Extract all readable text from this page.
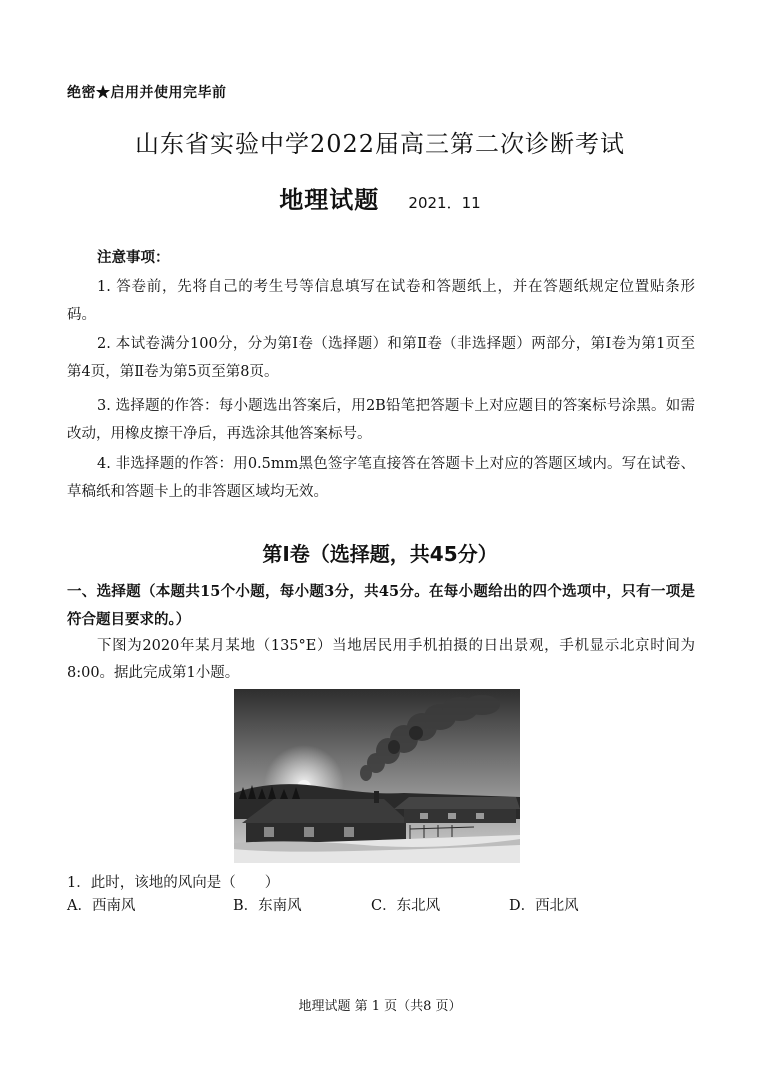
绝密★启用并使用完毕前
山东省实验中学2022届高三第二次诊断考试
地理试题 2021．11
注意事项：
1. 答卷前，先将自己的考生号等信息填写在试卷和答题纸上，并在答题纸规定位置贴条形码。
2. 本试卷满分100分，分为第Ⅰ卷（选择题）和第Ⅱ卷（非选择题）两部分，第Ⅰ卷为第1页至第4页，第Ⅱ卷为第5页至第8页。
3. 选择题的作答：每小题选出答案后，用2B铅笔把答题卡上对应题目的答案标号涂黑。如需改动，用橡皮擦干净后，再选涂其他答案标号。
4. 非选择题的作答：用0.5mm黑色签字笔直接答在答题卡上对应的答题区域内。写在试卷、草稿纸和答题卡上的非答题区域均无效。
第Ⅰ卷（选择题，共45分）
一、选择题（本题共15个小题，每小题3分，共45分。在每小题给出的四个选项中，只有一项是符合题目要求的。）
下图为2020年某月某地（135°E）当地居民用手机拍摄的日出景观，手机显示北京时间为8:00。据此完成第1小题。
1．此时，该地的风向是（　　）
A．西南风	B．东南风	C．东北风	D．西北风
地理试题 第 1 页（共8 页）
